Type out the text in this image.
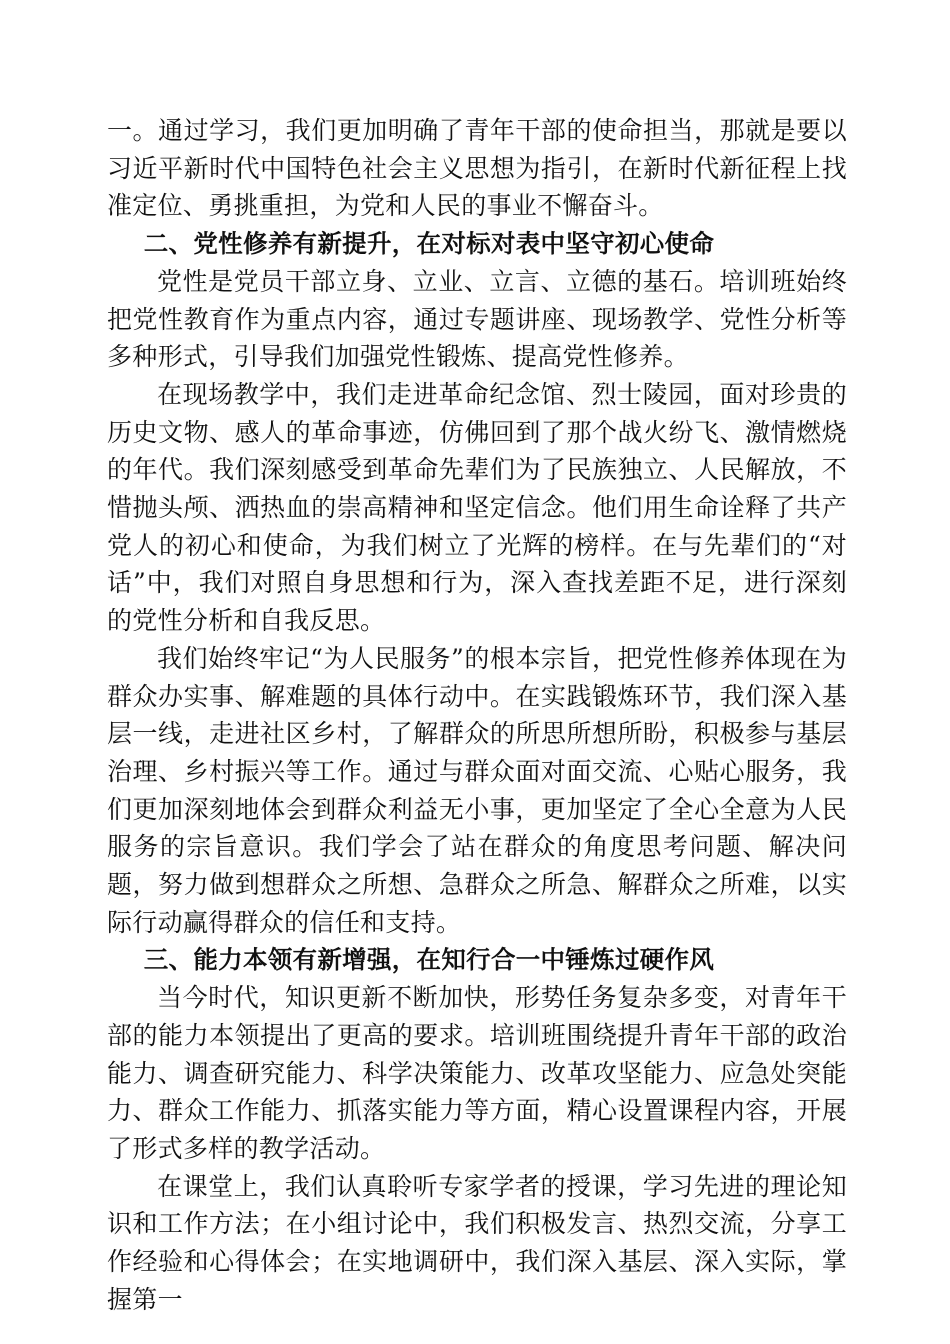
一。通过学习，我们更加明确了青年干部的使命担当，那就是要以习近平新时代中国特色社会主义思想为指引，在新时代新征程上找准定位、勇挑重担，为党和人民的事业不懈奋斗。

二、党性修养有新提升，在对标对表中坚守初心使命

党性是党员干部立身、立业、立言、立德的基石。培训班始终把党性教育作为重点内容，通过专题讲座、现场教学、党性分析等多种形式，引导我们加强党性锻炼、提高党性修养。

在现场教学中，我们走进革命纪念馆、烈士陵园，面对珍贵的历史文物、感人的革命事迹，仿佛回到了那个战火纷飞、激情燃烧的年代。我们深刻感受到革命先辈们为了民族独立、人民解放，不惜抛头颅、洒热血的崇高精神和坚定信念。他们用生命诠释了共产党人的初心和使命，为我们树立了光辉的榜样。在与先辈们的“对话”中，我们对照自身思想和行为，深入查找差距不足，进行深刻的党性分析和自我反思。

我们始终牢记“为人民服务”的根本宗旨，把党性修养体现在为群众办实事、解难题的具体行动中。在实践锻炼环节，我们深入基层一线，走进社区乡村，了解群众的所思所想所盼，积极参与基层治理、乡村振兴等工作。通过与群众面对面交流、心贴心服务，我们更加深刻地体会到群众利益无小事，更加坚定了全心全意为人民服务的宗旨意识。我们学会了站在群众的角度思考问题、解决问题，努力做到想群众之所想、急群众之所急、解群众之所难，以实际行动赢得群众的信任和支持。

三、能力本领有新增强，在知行合一中锤炼过硬作风

当今时代，知识更新不断加快，形势任务复杂多变，对青年干部的能力本领提出了更高的要求。培训班围绕提升青年干部的政治能力、调查研究能力、科学决策能力、改革攻坚能力、应急处突能力、群众工作能力、抓落实能力等方面，精心设置课程内容，开展了形式多样的教学活动。

在课堂上，我们认真聆听专家学者的授课，学习先进的理论知识和工作方法；在小组讨论中，我们积极发言、热烈交流，分享工作经验和心得体会；在实地调研中，我们深入基层、深入实际，掌握第一
